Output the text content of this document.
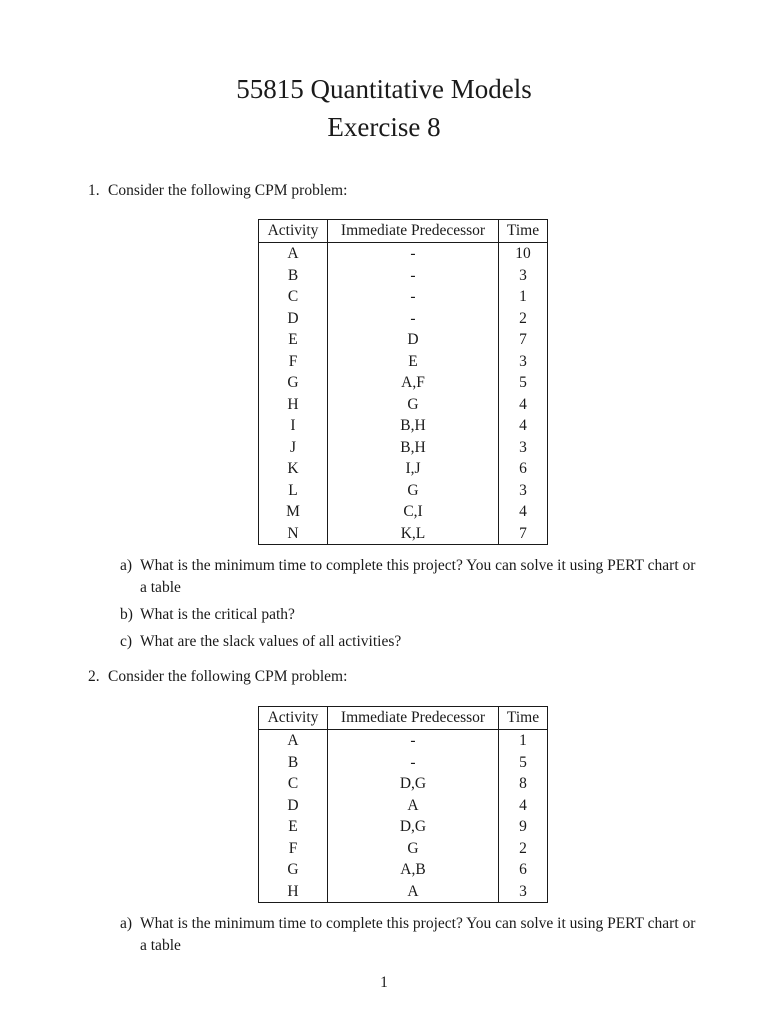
55815 Quantitative Models
Exercise 8
1. Consider the following CPM problem:
Activity	Immediate Predecessor	Time
A	-	10
B	-	3
C	-	1
D	-	2
E	D	7
F	E	3
G	A,F	5
H	G	4
I	B,H	4
J	B,H	3
K	I,J	6
L	G	3
M	C,I	4
N	K,L	7
a) What is the minimum time to complete this project? You can solve it using PERT chart or a table
b) What is the critical path?
c) What are the slack values of all activities?
2. Consider the following CPM problem:
Activity	Immediate Predecessor	Time
A	-	1
B	-	5
C	D,G	8
D	A	4
E	D,G	9
F	G	2
G	A,B	6
H	A	3
a) What is the minimum time to complete this project? You can solve it using PERT chart or a table
1
